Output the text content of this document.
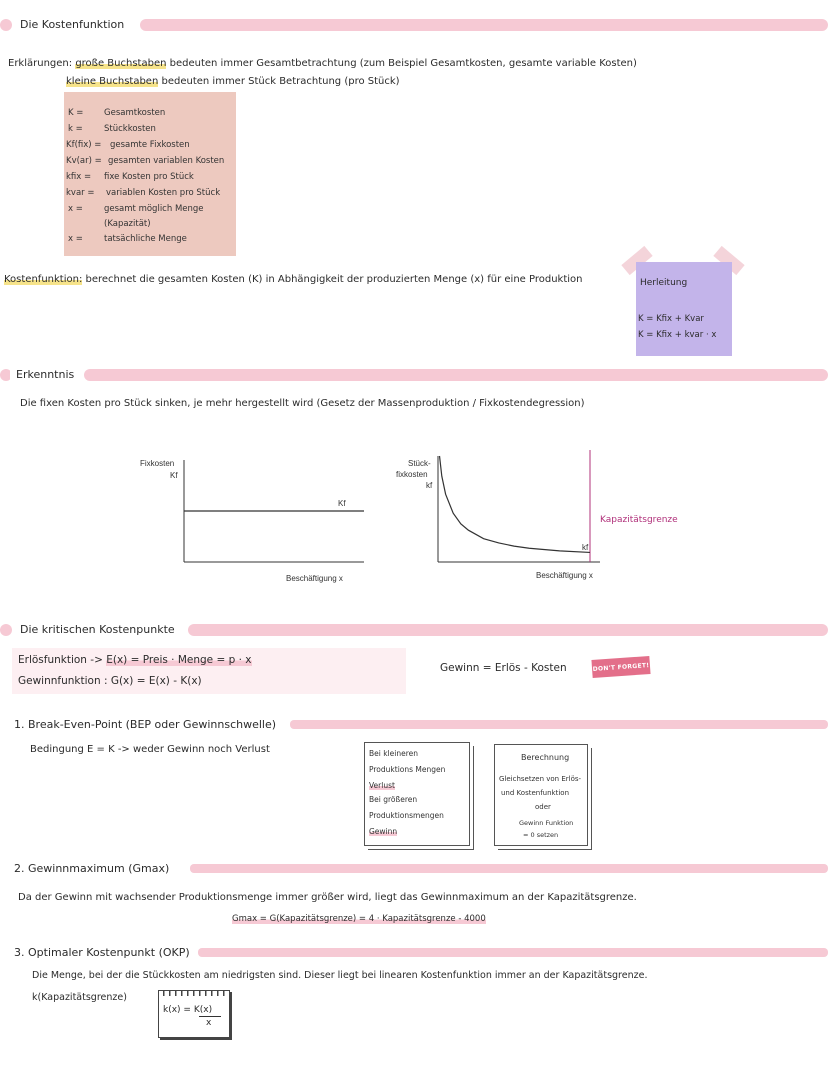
Die Kostenfunktion
Erklärungen: große Buchstaben bedeuten immer Gesamtbetrachtung (zum Beispiel Gesamtkosten, gesamte variable Kosten)
kleine Buchstaben bedeuten immer Stück Betrachtung (pro Stück)
K = Gesamtkosten
k =	Stückkosten
Kf(fix) = gesamte Fixkosten
Kv(ar) = gesamten variablen Kosten
kfix = fixe Kosten pro Stück
kvar = variablen Kosten pro Stück
x = gesamt möglich Menge
(Kapazität)
x = tatsächliche Menge
Kostenfunktion: berechnet die gesamten Kosten (K) in Abhängigkeit der produzierten Menge (x) für eine Produktion	Herleitung
K = Kfix + Kvar
K = Kfix + kvar · x
Erkenntnis
Die fixen Kosten pro Stück sinken, je mehr hergestellt wird (Gesetz der Massenproduktion / Fixkostendegression)
Fixkosten
Kf
Beschäftigung x
Kf
Stück-
fixkosten
kf
Beschäftigung x
kf
Kapazitätsgrenze
Die kritischen Kostenpunkte
Erlösfunktion -> E(x) = Preis · Menge = p · x
Gewinnfunktion : G(x) = E(x) - K(x)
Gewinn = Erlös - Kosten	DON'T FORGET!
1. Break-Even-Point (BEP oder Gewinnschwelle)
Bedingung E = K -> weder Gewinn noch Verlust	Bei kleineren
Produktions Mengen
Verlust
Bei größeren
Produktionsmengen
Gewinn
Berechnung
Gleichsetzen von Erlös-
und Kostenfunktion
oder
Gewinn Funktion
= 0 setzen
2. Gewinnmaximum (Gmax)
Da der Gewinn mit wachsender Produktionsmenge immer größer wird, liegt das Gewinnmaximum an der Kapazitätsgrenze.
Gmax = G(Kapazitätsgrenze) = 4 · Kapazitätsgrenze - 4000
3. Optimaler Kostenpunkt (OKP)
Die Menge, bei der die Stückkosten am niedrigsten sind. Dieser liegt bei linearen Kostenfunktion immer an der Kapazitätsgrenze.
k(Kapazitätsgrenze)
k(x) = K(x)
x
